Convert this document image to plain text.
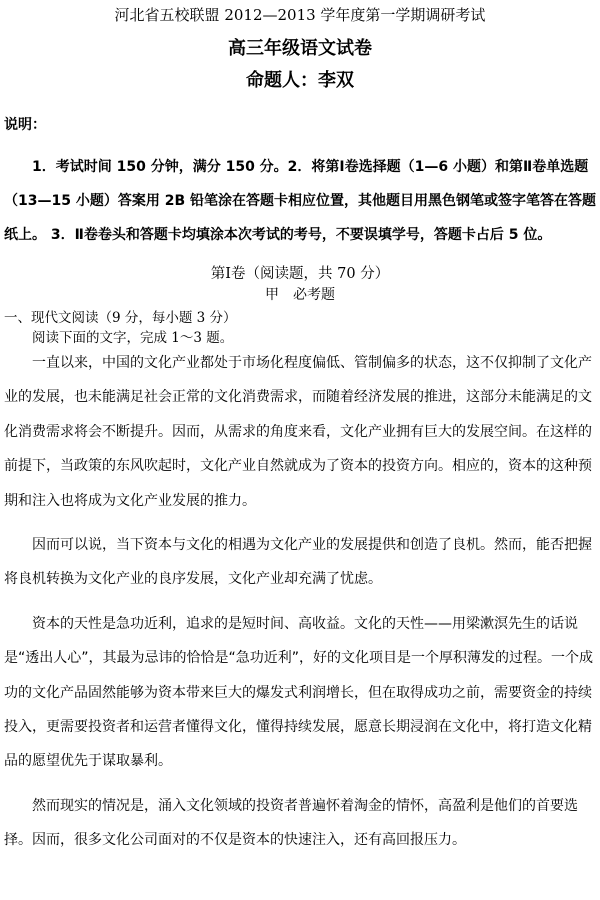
河北省五校联盟 2012—2013 学年度第一学期调研考试
高三年级语文试卷
命题人：李双
说明：
1．考试时间 150 分钟，满分 150 分。2．将第Ⅰ卷选择题（1—6 小题）和第Ⅱ卷单选题（13—15 小题）答案用 2B 铅笔涂在答题卡相应位置，其他题目用黑色钢笔或签字笔答在答题纸上。 3．Ⅱ卷卷头和答题卡均填涂本次考试的考号，不要误填学号，答题卡占后 5 位。
第Ⅰ卷（阅读题，共 70 分）
甲　必考题
一、现代文阅读（9 分，每小题 3 分）
阅读下面的文字，完成 1～3 题。

一直以来，中国的文化产业都处于市场化程度偏低、管制偏多的状态，这不仅抑制了文化产业的发展，也未能满足社会正常的文化消费需求，而随着经济发展的推进，这部分未能满足的文化消费需求将会不断提升。因而，从需求的角度来看，文化产业拥有巨大的发展空间。在这样的前提下，当政策的东风吹起时，文化产业自然就成为了资本的投资方向。相应的，资本的这种预期和注入也将成为文化产业发展的推力。

因而可以说，当下资本与文化的相遇为文化产业的发展提供和创造了良机。然而，能否把握将良机转换为文化产业的良序发展，文化产业却充满了忧虑。

资本的天性是急功近利，追求的是短时间、高收益。文化的天性——用梁漱溟先生的话说是“透出人心”，其最为忌讳的恰恰是“急功近利”，好的文化项目是一个厚积薄发的过程。一个成功的文化产品固然能够为资本带来巨大的爆发式利润增长，但在取得成功之前，需要资金的持续投入，更需要投资者和运营者懂得文化，懂得持续发展，愿意长期浸润在文化中，将打造文化精品的愿望优先于谋取暴利。

然而现实的情况是，涌入文化领域的投资者普遍怀着淘金的情怀，高盈利是他们的首要选择。因而，很多文化公司面对的不仅是资本的快速注入，还有高回报压力。
